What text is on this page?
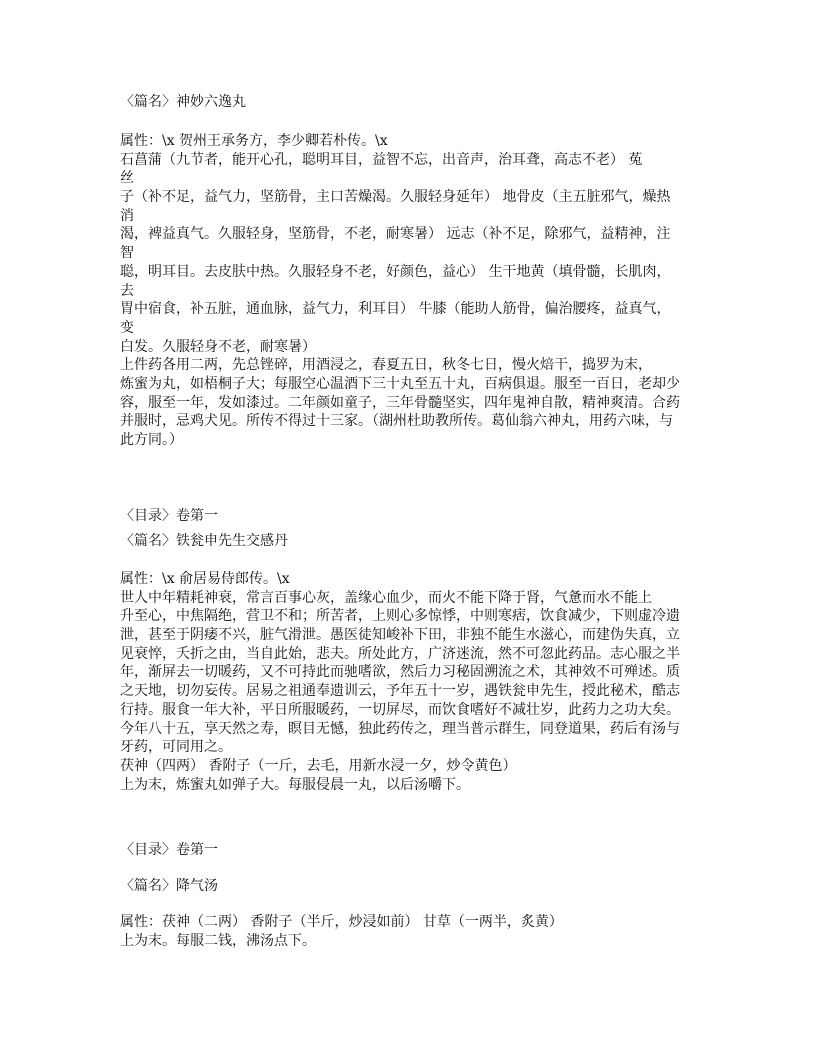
〈篇名〉神妙六逸丸
属性：\x 贺州王承务方，李少卿若朴传。\x
石菖蒲（九节者，能开心孔，聪明耳目，益智不忘，出音声，治耳聋，高志不老） 菟
丝
子（补不足，益气力，坚筋骨，主口苦燥渴。久服轻身延年） 地骨皮（主五脏邪气，燥热
消
渴，裨益真气。久服轻身，坚筋骨，不老，耐寒暑） 远志（补不足，除邪气，益精神，注
智
聪，明耳目。去皮肤中热。久服轻身不老，好颜色，益心） 生干地黄（填骨髓，长肌肉，
去
胃中宿食，补五脏，通血脉，益气力，利耳目） 牛膝（能助人筋骨，偏治腰疼，益真气，
变
白发。久服轻身不老，耐寒暑）
上件药各用二两，先总锉碎，用酒浸之，春夏五日，秋冬七日，慢火焙干，捣罗为末，
炼蜜为丸，如梧桐子大；每服空心温酒下三十丸至五十丸，百病俱退。服至一百日，老却少
容，服至一年，发如漆过。二年颜如童子，三年骨髓坚实，四年鬼神自散，精神爽清。合药
并服时，忌鸡犬见。所传不得过十三家。（湖州杜助教所传。葛仙翁六神丸，用药六味，与
此方同。）
〈目录〉卷第一
〈篇名〉铁瓮申先生交感丹
属性：\x 俞居易侍郎传。\x
世人中年精耗神衰，常言百事心灰，盖缘心血少，而火不能下降于肾，气惫而水不能上
升至心，中焦隔绝，营卫不和；所苦者，上则心多惊悸，中则寒痞，饮食减少，下则虚冷遗
泄，甚至于阴痿不兴，脏气滑泄。愚医徒知峻补下田，非独不能生水滋心，而建伪失真，立
见衰悴，夭折之由，当自此始，悲夫。所处此方，广济迷流，然不可忽此药品。志心服之半
年，渐屏去一切暖药，又不可持此而驰嗜欲，然后力习秘固溯流之术，其神效不可殚述。质
之天地，切勿妄传。居易之祖通奉遗训云，予年五十一岁，遇铁瓮申先生，授此秘术，酷志
行持。服食一年大补，平日所服暖药，一切屏尽，而饮食嗜好不减壮岁，此药力之功大矣。
今年八十五，享天然之寿，瞑目无憾，独此药传之，理当普示群生，同登道果，药后有汤与
牙药，可同用之。
茯神（四两） 香附子（一斤，去毛，用新水浸一夕，炒令黄色）
上为末，炼蜜丸如弹子大。每服侵晨一丸，以后汤嚼下。
〈目录〉卷第一
〈篇名〉降气汤
属性：茯神（二两） 香附子（半斤，炒浸如前） 甘草（一两半，炙黄）
上为末。每服二钱，沸汤点下。
